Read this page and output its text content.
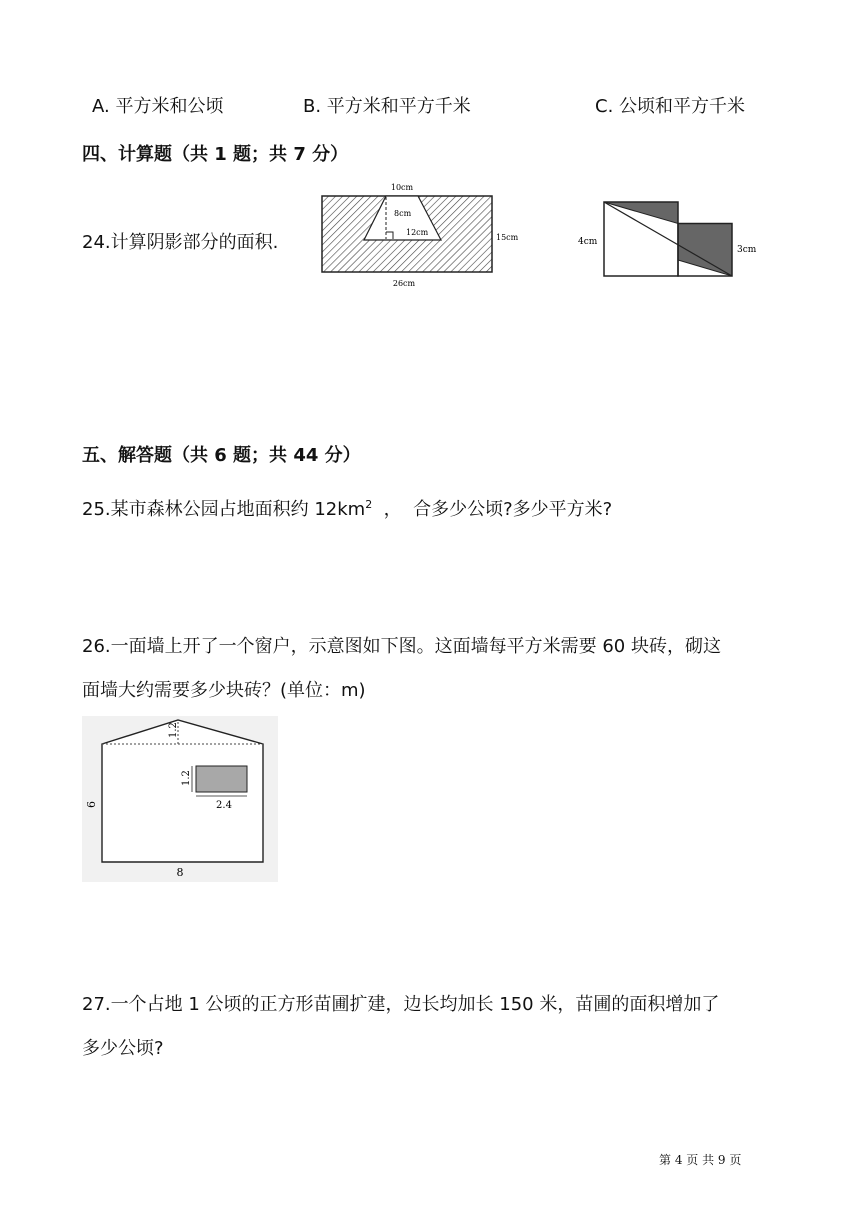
A. 平方米和公顷	B. 平方米和平方千米	C. 公顷和平方千米
四、计算题（共 1 题；共 7 分）
24.计算阴影部分的面积.
10cm
8cm
12cm
15cm
26cm
4cm
3cm
五、解答题（共 6 题；共 44 分）
25.某市森林公园占地面积约 $12km^2$  ，  合多少公顷?多少平方米?
26.一面墙上开了一个窗户，示意图如下图。这面墙每平方米需要 60 块砖，砌这
面墙大约需要多少块砖？(单位：m)
1.2
1.2
2.4
6
8
27.一个占地 1 公顷的正方形苗圃扩建，边长均加长 150 米，苗圃的面积增加了
多少公顷?
第 4 页 共 9 页
